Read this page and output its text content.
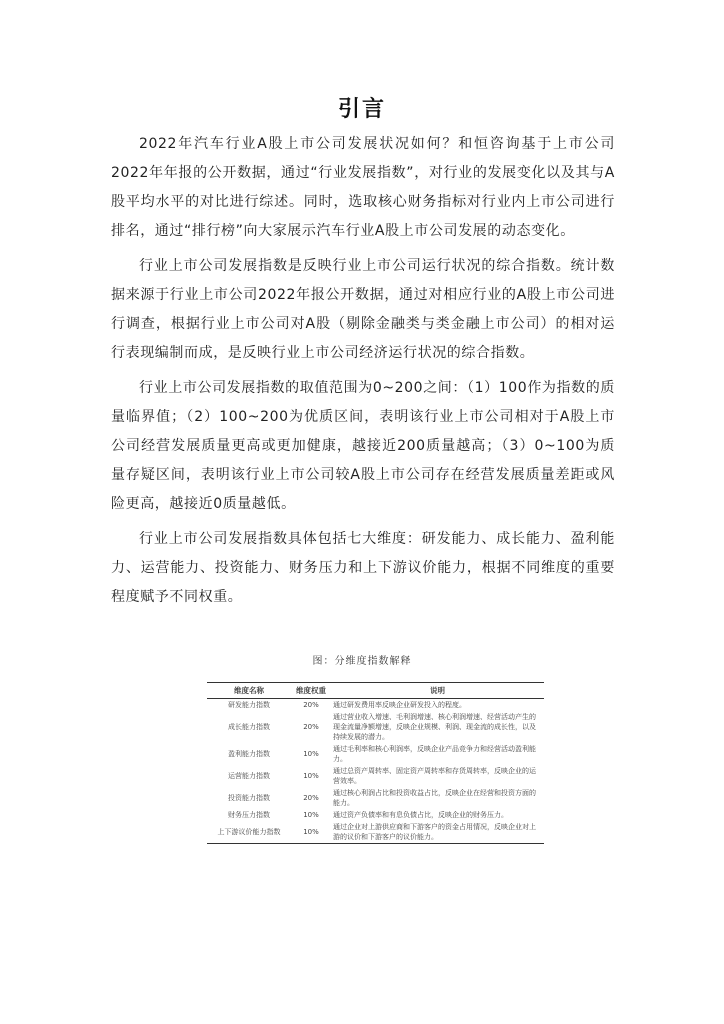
引言

2022年汽车行业A股上市公司发展状况如何？和恒咨询基于上市公司2022年年报的公开数据，通过“行业发展指数”，对行业的发展变化以及其与A股平均水平的对比进行综述。同时，选取核心财务指标对行业内上市公司进行排名，通过“排行榜”向大家展示汽车行业A股上市公司发展的动态变化。

行业上市公司发展指数是反映行业上市公司运行状况的综合指数。统计数据来源于行业上市公司2022年报公开数据，通过对相应行业的A股上市公司进行调查，根据行业上市公司对A股（剔除金融类与类金融上市公司）的相对运行表现编制而成，是反映行业上市公司经济运行状况的综合指数。

行业上市公司发展指数的取值范围为0~200之间：（1）100作为指数的质量临界值；（2）100~200为优质区间，表明该行业上市公司相对于A股上市公司经营发展质量更高或更加健康，越接近200质量越高；（3）0~100为质量存疑区间，表明该行业上市公司较A股上市公司存在经营发展质量差距或风险更高，越接近0质量越低。

行业上市公司发展指数具体包括七大维度：研发能力、成长能力、盈利能力、运营能力、投资能力、财务压力和上下游议价能力，根据不同维度的重要程度赋予不同权重。

图：分维度指数解释
维度名称	维度权重	说明
研发能力指数	20%	通过研发费用率反映企业研发投入的程度。
成长能力指数	20%	通过营业收入增速、毛利润增速、核心利润增速、经营活动产生的现金流量净额增速，反映企业规模、利润、现金流的成长性，以及持续发展的潜力。
盈利能力指数	10%	通过毛利率和核心利润率，反映企业产品竞争力和经营活动盈利能力。
运营能力指数	10%	通过总资产周转率、固定资产周转率和存货周转率，反映企业的运营效率。
投资能力指数	20%	通过核心利润占比和投资收益占比，反映企业在经营和投资方面的能力。
财务压力指数	10%	通过资产负债率和有息负债占比，反映企业的财务压力。
上下游议价能力指数	10%	通过企业对上游供应商和下游客户的资金占用情况，反映企业对上游的议价和下游客户的议价能力。
